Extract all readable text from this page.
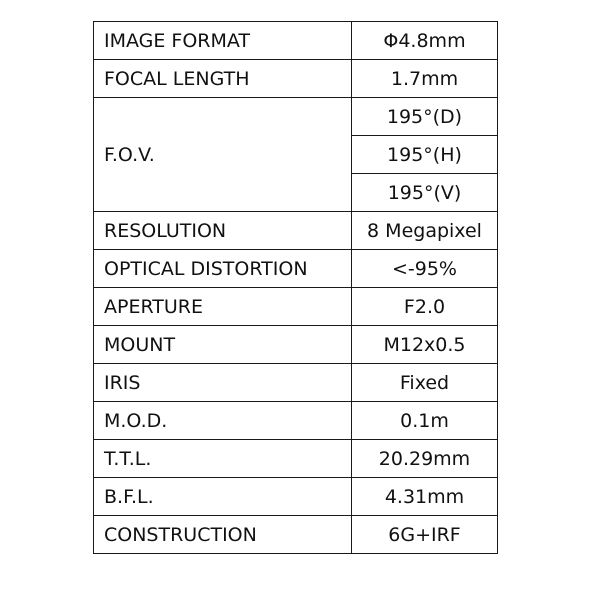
IMAGE FORMAT	Φ4.8mm
FOCAL LENGTH	1.7mm
F.O.V.	195°(D)
	195°(H)
	195°(V)
RESOLUTION	8 Megapixel
OPTICAL DISTORTION	<-95%
APERTURE	F2.0
MOUNT	M12x0.5
IRIS	Fixed
M.O.D.	0.1m
T.T.L.	20.29mm
B.F.L.	4.31mm
CONSTRUCTION	6G+IRF
